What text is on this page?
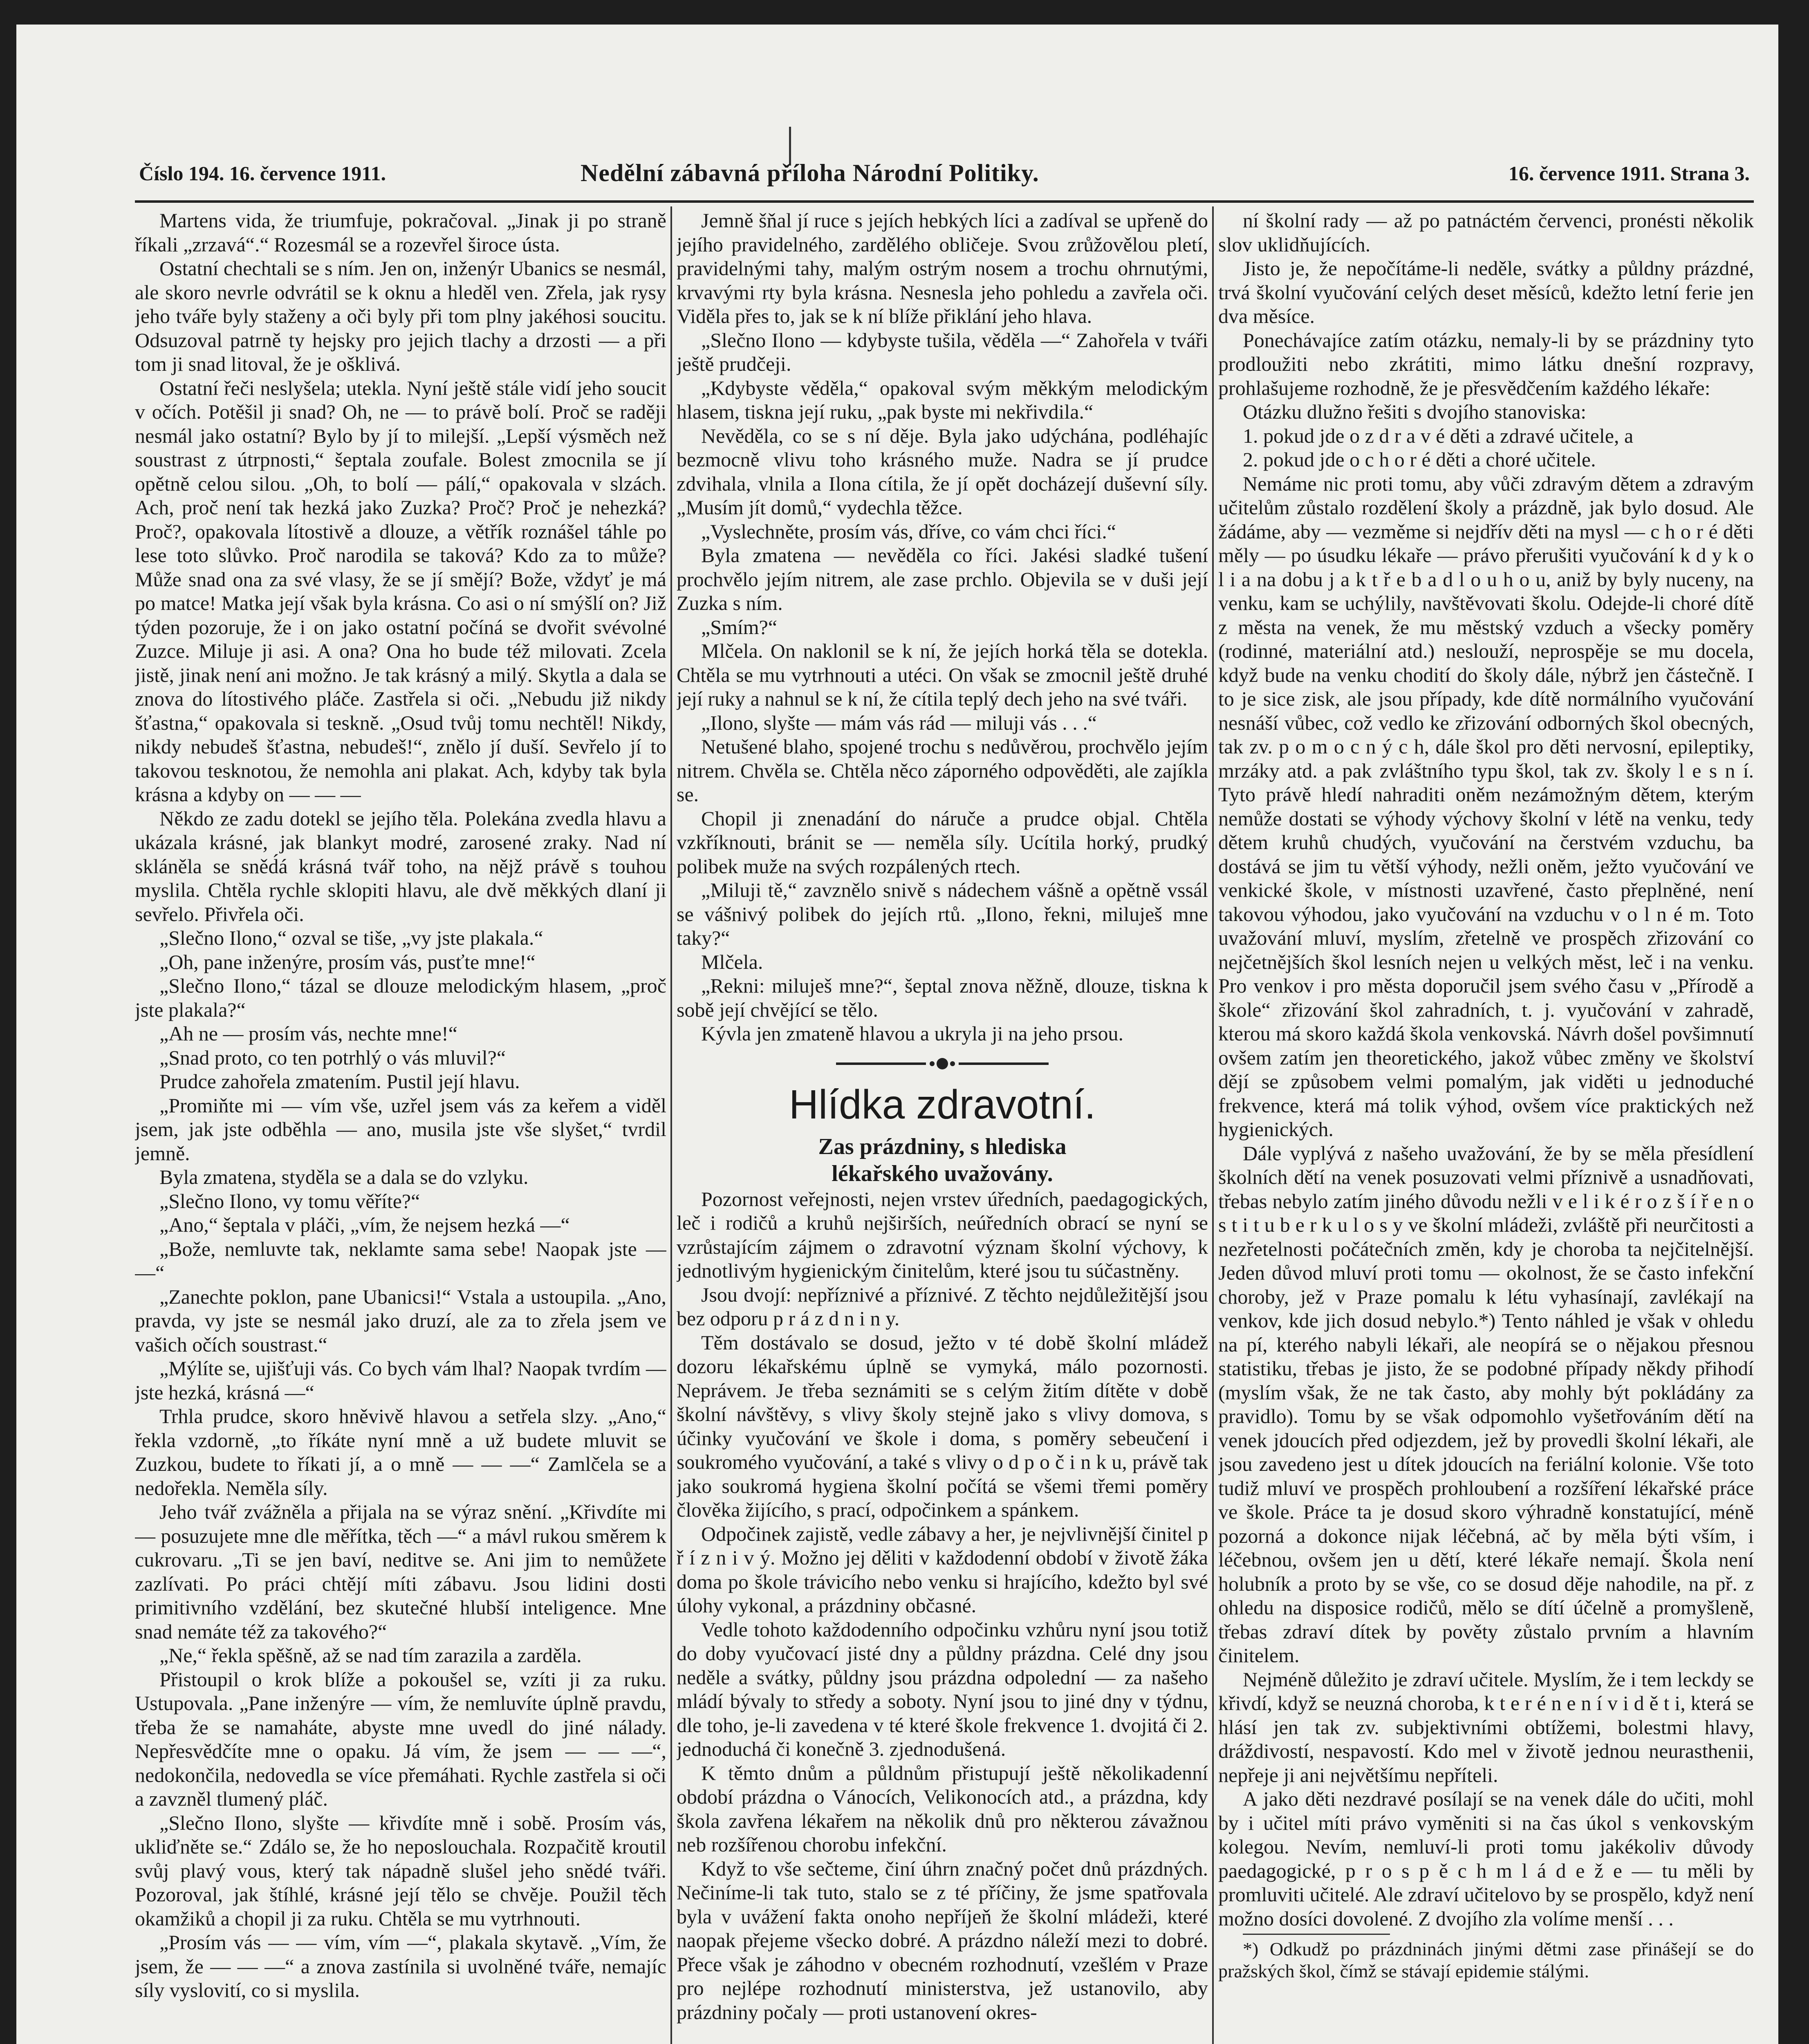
Číslo 194. 16. července 1911.	Nedělní zábavná příloha Národní Politiky.	16. července 1911. Strana 3.

Martens vida, že triumfuje, pokračoval. „Jinak ji po straně říkali „zrzavá“.“ Rozesmál se a rozevřel široce ústa.

Ostatní chechtali se s ním. Jen on, inženýr Ubanics se nesmál, ale skoro nevrle odvrátil se k oknu a hleděl ven. Zřela, jak rysy jeho tváře byly staženy a oči byly při tom plny jakéhosi soucitu. Odsuzoval patrně ty hejsky pro jejich tlachy a drzosti — a při tom ji snad litoval, že je ošklivá.

Ostatní řeči neslyšela; utekla. Nyní ještě stále vidí jeho soucit v očích. Potěšil ji snad? Oh, ne — to právě bolí. Proč se raději nesmál jako ostatní? Bylo by jí to milejší. „Lepší výsměch než soustrast z útrpnosti,“ šeptala zoufale. Bolest zmocnila se jí opětně celou silou. „Oh, to bolí — pálí,“ opakovala v slzách. Ach, proč není tak hezká jako Zuzka? Proč? Proč je nehezká? Proč?, opakovala lítostivě a dlouze, a větřík roznášel táhle po lese toto slůvko. Proč narodila se taková? Kdo za to může? Může snad ona za své vlasy, že se jí smějí? Bože, vždyť je má po matce! Matka její však byla krásna. Co asi o ní smýšlí on? Již týden pozoruje, že i on jako ostatní počíná se dvořit svévolné Zuzce. Miluje ji asi. A ona? Ona ho bude též milovati. Zcela jistě, jinak není ani možno. Je tak krásný a milý. Skytla a dala se znova do lítostivého pláče. Zastřela si oči. „Nebudu již nikdy šťastna,“ opakovala si teskně. „Osud tvůj tomu nechtěl! Nikdy, nikdy nebudeš šťastna, nebudeš!“, znělo jí duší. Sevřelo jí to takovou tesknotou, že nemohla ani plakat. Ach, kdyby tak byla krásna a kdyby on — — —

Někdo ze zadu dotekl se jejího těla. Polekána zvedla hlavu a ukázala krásné, jak blankyt modré, zarosené zraky. Nad ní skláněla se sněd́á krásná tvář toho, na nějž právě s touhou myslila. Chtěla rychle sklopiti hlavu, ale dvě měkkých dlaní ji sevřelo. Přivřela oči.

„Slečno Ilono,“ ozval se tiše, „vy jste plakala.“

„Oh, pane inženýre, prosím vás, pusťte mne!“

„Slečno Ilono,“ tázal se dlouze melodickým hlasem, „proč jste plakala?“

„Ah ne — prosím vás, nechte mne!“

„Snad proto, co ten potrhlý o vás mluvil?“

Prudce zahořela zmatením. Pustil její hlavu.

„Promiňte mi — vím vše, uzřel jsem vás za keřem a viděl jsem, jak jste odběhla — ano, musila jste vše slyšet,“ tvrdil jemně.

Byla zmatena, styděla se a dala se do vzlyku.

„Slečno Ilono, vy tomu věříte?“

„Ano,“ šeptala v pláči, „vím, že nejsem hezká —“

„Bože, nemluvte tak, neklamte sama sebe! Naopak jste — —“

„Zanechte poklon, pane Ubanicsi!“ Vstala a ustoupila. „Ano, pravda, vy jste se nesmál jako druzí, ale za to zřela jsem ve vašich očích soustrast.“

„Mýlíte se, ujišťuji vás. Co bych vám lhal? Naopak tvrdím — jste hezká, krásná —“

Trhla prudce, skoro hněvivě hlavou a setřela slzy. „Ano,“ řekla vzdorně, „to říkáte nyní mně a už budete mluvit se Zuzkou, budete to říkati jí, a o mně — — —“ Zamlčela se a nedořekla. Neměla síly.

Jeho tvář zvážněla a přijala na se výraz snění. „Křivdíte mi — posuzujete mne dle měřítka, těch —“ a mávl rukou směrem k cukrovaru. „Ti se jen baví, neditve se. Ani jim to nemůžete zazlívati. Po práci chtějí míti zábavu. Jsou lidini dosti primitivního vzdělání, bez skutečné hlubší inteligence. Mne snad nemáte též za takového?“

„Ne,“ řekla spěšně, až se nad tím zarazila a zarděla.

Přistoupil o krok blíže a pokoušel se, vzíti ji za ruku. Ustupovala. „Pane inženýre — vím, že nemluvíte úplně pravdu, třeba že se namaháte, abyste mne uvedl do jiné nálady. Nepřesvědčíte mne o opaku. Já vím, že jsem — — —“, nedokončila, nedovedla se více přemáhati. Rychle zastřela si oči a zavzněl tlumený pláč.

„Slečno Ilono, slyšte — křivdíte mně i sobě. Prosím vás, ukliďněte se.“ Zdálo se, že ho neposlouchala. Rozpačitě kroutil svůj plavý vous, který tak nápadně slušel jeho snědé tváři. Pozoroval, jak štíhlé, krásné její tělo se chvěje. Použil těch okamžiků a chopil ji za ruku. Chtěla se mu vytrhnouti.

„Prosím vás — — vím, vím —“, plakala skytavě. „Vím, že jsem, že — — —“ a znova zastínila si uvolněné tváře, nemajíc síly vyslovití, co si myslila.

Jemně šňal jí ruce s jejích hebkých líci a zadíval se upřeně do jejího pravidelného, zardělého obličeje. Svou zrůžovělou pletí, pravidelnými tahy, malým ostrým nosem a trochu ohrnutými, krvavými rty byla krásna. Nesnesla jeho pohledu a zavřela oči. Viděla přes to, jak se k ní blíže přiklání jeho hlava.

„Slečno Ilono — kdybyste tušila, věděla —“ Zahořela v tváři ještě prudčeji.

„Kdybyste věděla,“ opakoval svým měkkým melodickým hlasem, tiskna její ruku, „pak byste mi nekřivdila.“

Nevěděla, co se s ní děje. Byla jako udýchána, podléhajíc bezmocně vlivu toho krásného muže. Nadra se jí prudce zdvihala, vlnila a Ilona cítila, že jí opět docházejí duševní síly. „Musím jít domů,“ vydechla těžce.

„Vyslechněte, prosím vás, dříve, co vám chci říci.“

Byla zmatena — nevěděla co říci. Jakési sladké tušení prochvělo jejím nitrem, ale zase prchlo. Objevila se v duši její Zuzka s ním.

„Smím?“

Mlčela. On naklonil se k ní, že jejích horká těla se dotekla. Chtěla se mu vytrhnouti a utéci. On však se zmocnil ještě druhé její ruky a nahnul se k ní, že cítila teplý dech jeho na své tváři.

„Ilono, slyšte — mám vás rád — miluji vás . . .“

Netušené blaho, spojené trochu s nedůvěrou, prochvělo jejím nitrem. Chvěla se. Chtěla něco záporného odpověděti, ale zajíkla se.

Chopil ji znenadání do náruče a prudce objal. Chtěla vzkříknouti, bránit se — neměla síly. Ucítila horký, prudký polibek muže na svých rozpálených rtech.

„Miluji tě,“ zavznělo snivě s nádechem vášně a opětně vssál se vášnivý polibek do jejích rtů. „Ilono, řekni, miluješ mne taky?“

Mlčela.

„Rekni: miluješ mne?“, šeptal znova něžně, dlouze, tiskna k sobě její chvějící se tělo.

Kývla jen zmateně hlavou a ukryla ji na jeho prsou.

Hlídka zdravotní.
Zas prázdniny, s hlediska
lékařského uvažovány.

Pozornost veřejnosti, nejen vrstev úředních, paedagogických, leč i rodičů a kruhů nejširších, neúředních obrací se nyní se vzrůstajícím zájmem o zdravotní význam školní výchovy, k jednotlivým hygienickým činitelům, které jsou tu súčastněny.

Jsou dvojí: nepříznivé a příznivé. Z těchto nejdůležitější jsou bez odporu p r á z d n i n y.

Těm dostávalo se dosud, ježto v té době školní mládež dozoru lékařskému úplně se vymyká, málo pozornosti. Neprávem. Je třeba seznámiti se s celým žitím dítěte v době školní návštěvy, s vlivy školy stejně jako s vlivy domova, s účinky vyučování ve škole i doma, s poměry sebeučení i soukromého vyučování, a také s vlivy o d p o č i n k u, právě tak jako soukromá hygiena školní počítá se všemi třemi poměry člověka žijícího, s prací, odpočinkem a spánkem.

Odpočinek zajistě, vedle zábavy a her, je nejvlivnější činitel p ř í z n i v ý. Možno jej děliti v každodenní období v životě žáka doma po škole trávicího nebo venku si hrajícího, kdežto byl své úlohy vykonal, a prázdniny občasné.

Vedle tohoto každodenního odpočinku vzhůru nyní jsou totiž do doby vyučovací jisté dny a půldny prázdna. Celé dny jsou neděle a svátky, půldny jsou prázdna odpolední — za našeho mládí bývaly to středy a soboty. Nyní jsou to jiné dny v týdnu, dle toho, je-li zavedena v té které škole frekvence 1. dvojitá či 2. jednoduchá či konečně 3. zjednodušená.

K těmto dnům a půldnům přistupují ještě několikadenní období prázdna o Vánocích, Velikonocích atd., a prázdna, kdy škola zavřena lékařem na několik dnů pro některou závažnou neb rozšířenou chorobu infekční.

Když to vše sečteme, činí úhrn značný počet dnů prázdných. Nečiníme-li tak tuto, stalo se z té příčiny, že jsme spatřovala byla v uvážení fakta onoho nepříjeň že školní mládeži, které naopak přejeme všecko dobré. A prázdno náleží mezi to dobré. Přece však je záhodno v obecném rozhodnutí, vzešlém v Praze pro nejlépe rozhodnutí ministerstva, jež ustanovilo, aby prázdniny počaly — proti ustanovení okres-

ní školní rady — až po patnáctém červenci, pronésti několik slov uklidňujících.

Jisto je, že nepočítáme-li neděle, svátky a půldny prázdné, trvá školní vyučování celých deset měsíců, kdežto letní ferie jen dva měsíce.

Ponechávajíce zatím otázku, nemaly-li by se prázdniny tyto prodloužiti nebo zkrátiti, mimo látku dnešní rozpravy, prohlašujeme rozhodně, že je přesvědčením každého lékaře:

Otázku dlužno řešiti s dvojího stanoviska:

1. pokud jde o z d r a v é děti a zdravé učitele, a

2. pokud jde o c h o r é děti a choré učitele.

Nemáme nic proti tomu, aby vůči zdravým dětem a zdravým učitelům zůstalo rozdělení školy a prázdně, jak bylo dosud. Ale žádáme, aby — vezměme si nejdřív děti na mysl — c h o r é děti měly — po úsudku lékaře — právo přerušiti vyučování k d y k o l i a na dobu j a k t ř e b a d l o u h o u, aniž by byly nuceny, na venku, kam se uchýlily, navštěvovati školu. Odejde-li choré dítě z města na venek, že mu městský vzduch a všecky poměry (rodinné, materiální atd.) neslouží, neprospěje se mu docela, když bude na venku chodití do školy dále, nýbrž jen částečně. I to je sice zisk, ale jsou případy, kde dítě normálního vyučování nesnáší vůbec, což vedlo ke zřizování odborných škol obecných, tak zv. p o m o c n ý c h, dále škol pro děti nervosní, epileptiky, mrzáky atd. a pak zvláštního typu škol, tak zv. školy l e s n í. Tyto právě hledí nahraditi oněm nezámožným dětem, kterým nemůže dostati se výhody výchovy školní v létě na venku, tedy dětem kruhů chudých, vyučování na čerstvém vzduchu, ba dostává se jim tu větší výhody, nežli oněm, ježto vyučování ve venkické škole, v místnosti uzavřené, často přeplněné, není takovou výhodou, jako vyučování na vzduchu v o l n é m. Toto uvažování mluví, myslím, zřetelně ve prospěch zřizování co nejčetnějších škol lesních nejen u velkých měst, leč i na venku. Pro venkov i pro města doporučil jsem svého času v „Přírodě a škole“ zřizování škol zahradních, t. j. vyučování v zahradě, kterou má skoro každá škola venkovská. Návrh došel povšimnutí ovšem zatím jen theoretického, jakož vůbec změny ve školství dějí se způsobem velmi pomalým, jak viděti u jednoduché frekvence, která má tolik výhod, ovšem více praktických než hygienických.

Dále vyplývá z našeho uvažování, že by se měla přesídlení školních dětí na venek posuzovati velmi příznivě a usnadňovati, třebas nebylo zatím jiného důvodu nežli v e l i k é r o z š í ř e n o s t i t u b e r k u l o s y ve školní mládeži, zvláště při neurčitosti a nezřetelnosti počátečních změn, kdy je choroba ta nejčitelnější. Jeden důvod mluví proti tomu — okolnost, že se často infekční choroby, jež v Praze pomalu k létu vyhasínají, zavlékají na venkov, kde jich dosud nebylo.*) Tento náhled je však v ohledu na pí, kterého nabyli lékaři, ale neopírá se o nějakou přesnou statistiku, třebas je jisto, že se podobné případy někdy přihodí (myslím však, že ne tak často, aby mohly být pokládány za pravidlo). Tomu by se však odpomohlo vyšetřováním dětí na venek jdoucích před odjezdem, jež by provedli školní lékaři, ale jsou zavedeno jest u dítek jdoucích na feriální kolonie. Vše toto tudiž mluví ve prospěch prohloubení a rozšíření lékařské práce ve škole. Práce ta je dosud skoro výhradně konstatující, méně pozorná a dokonce nijak léčebná, ač by měla býti vším, i léčebnou, ovšem jen u dětí, které lékaře nemají. Škola není holubník a proto by se vše, co se dosud děje nahodile, na př. z ohledu na disposice rodičů, mělo se dítí účelně a promyšleně, třebas zdraví dítek by pověty zůstalo prvním a hlavním činitelem.

Nejméně důležito je zdraví učitele. Myslím, že i tem leckdy se křivdí, když se neuzná choroba, k t e r é n e n í v i d ě t i, která se hlásí jen tak zv. subjektivními obtížemi, bolestmi hlavy, dráždivostí, nespavostí. Kdo mel v životě jednou neurasthenii, nepřeje ji ani největšímu nepříteli.

A jako děti nezdravé posílají se na venek dále do učiti, mohl by i učitel míti právo vyměniti si na čas úkol s venkovským kolegou. Nevím, nemluví-li proti tomu jakékoliv důvody paedagogické, p r o s p ě c h m l á d e ž e — tu měli by promluviti učitelé. Ale zdraví učitelovo by se prospělo, když není možno dosíci dovolené. Z dvojího zla volíme menší . . .

*) Odkudž po prázdninách jinými dětmi zase přinášejí se do pražských škol, čímž se stávají epidemie stálými.
